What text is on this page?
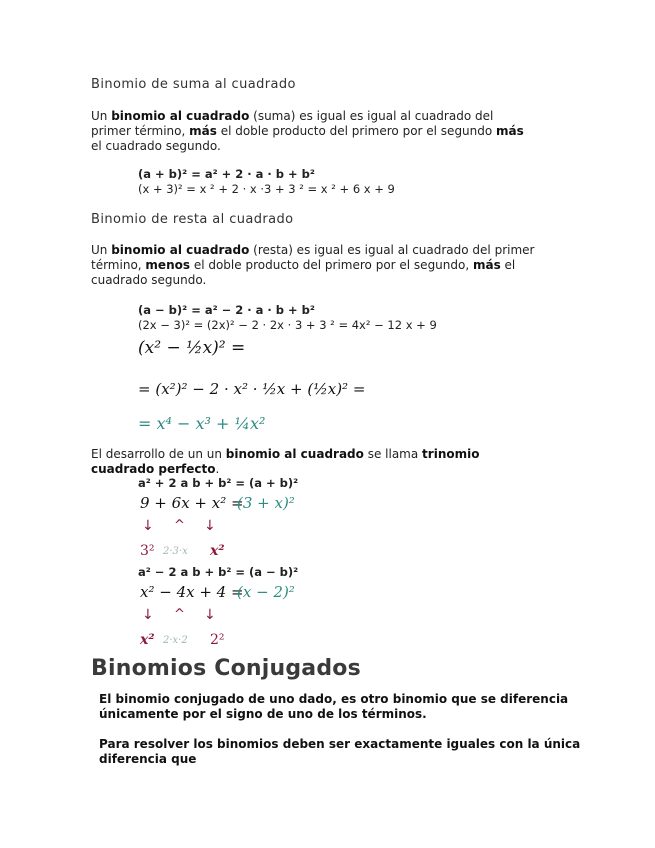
Binomio de suma al cuadrado
Un binomio al cuadrado (suma) es igual es igual al cuadrado del primer término, más el doble producto del primero por el segundo más el cuadrado segundo.
(a + b)² = a² + 2 · a · b + b²
(x + 3)² = x ² + 2 · x ·3 + 3 ² = x ² + 6 x + 9
Binomio de resta al cuadrado
Un binomio al cuadrado (resta) es igual es igual al cuadrado del primer término, menos el doble producto del primero por el segundo, más el cuadrado segundo.
(a − b)² = a² − 2 · a · b + b²
(2x − 3)² = (2x)² − 2 · 2x · 3 + 3 ² = 4x² − 12 x + 9
(x² − ½x)² =
= (x²)² − 2 · x² · ½x + (½x)² =
= x⁴ − x³ + ¼x²
El desarrollo de un un binomio al cuadrado se llama trinomio cuadrado perfecto.
a² + 2 a b + b² = (a + b)²
9 + 6x + x² =
(3 + x)²
↓ ^ ↓
3² 2·3·x x²
a² − 2 a b + b² = (a − b)²
x² − 4x + 4 =
(x − 2)²
↓ ^ ↓
x² 2·x·2 2²
Binomios Conjugados
El binomio conjugado de uno dado, es otro binomio que se diferencia únicamente por el signo de uno de los términos.
Para resolver los binomios deben ser exactamente iguales con la única diferencia que
